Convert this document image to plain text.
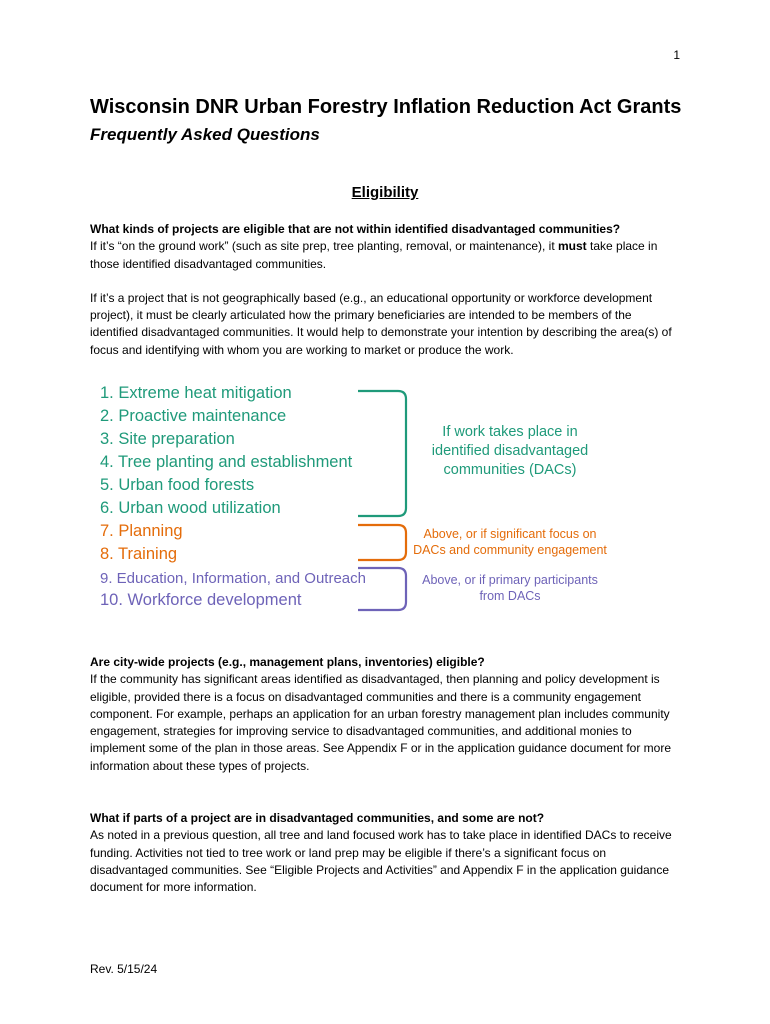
1
Wisconsin DNR Urban Forestry Inflation Reduction Act Grants
Frequently Asked Questions
Eligibility

What kinds of projects are eligible that are not within identified disadvantaged communities?

If it’s “on the ground work” (such as site prep, tree planting, removal, or maintenance), it must take place in those identified disadvantaged communities.

If it’s a project that is not geographically based (e.g., an educational opportunity or workforce development project), it must be clearly articulated how the primary beneficiaries are intended to be members of the identified disadvantaged communities. It would help to demonstrate your intention by describing the area(s) of focus and identifying with whom you are working to market or produce the work.

1. Extreme heat mitigation
2. Proactive maintenance
3. Site preparation
4. Tree planting and establishment
5. Urban food forests
6. Urban wood utilization
7. Planning
8. Training
9. Education, Information, and Outreach
10. Workforce development
If work takes place in
identified disadvantaged
communities (DACs)
Above, or if significant focus on
DACs and community engagement
Above, or if primary participants
from DACs

Are city-wide projects (e.g., management plans, inventories) eligible?

If the community has significant areas identified as disadvantaged, then planning and policy development is eligible, provided there is a focus on disadvantaged communities and there is a community engagement component. For example, perhaps an application for an urban forestry management plan includes community engagement, strategies for improving service to disadvantaged communities, and additional monies to implement some of the plan in those areas. See Appendix F or in the application guidance document for more information about these types of projects.

What if parts of a project are in disadvantaged communities, and some are not?

As noted in a previous question, all tree and land focused work has to take place in identified DACs to receive funding. Activities not tied to tree work or land prep may be eligible if there’s a significant focus on disadvantaged communities. See “Eligible Projects and Activities” and Appendix F in the application guidance document for more information.

Rev. 5/15/24
